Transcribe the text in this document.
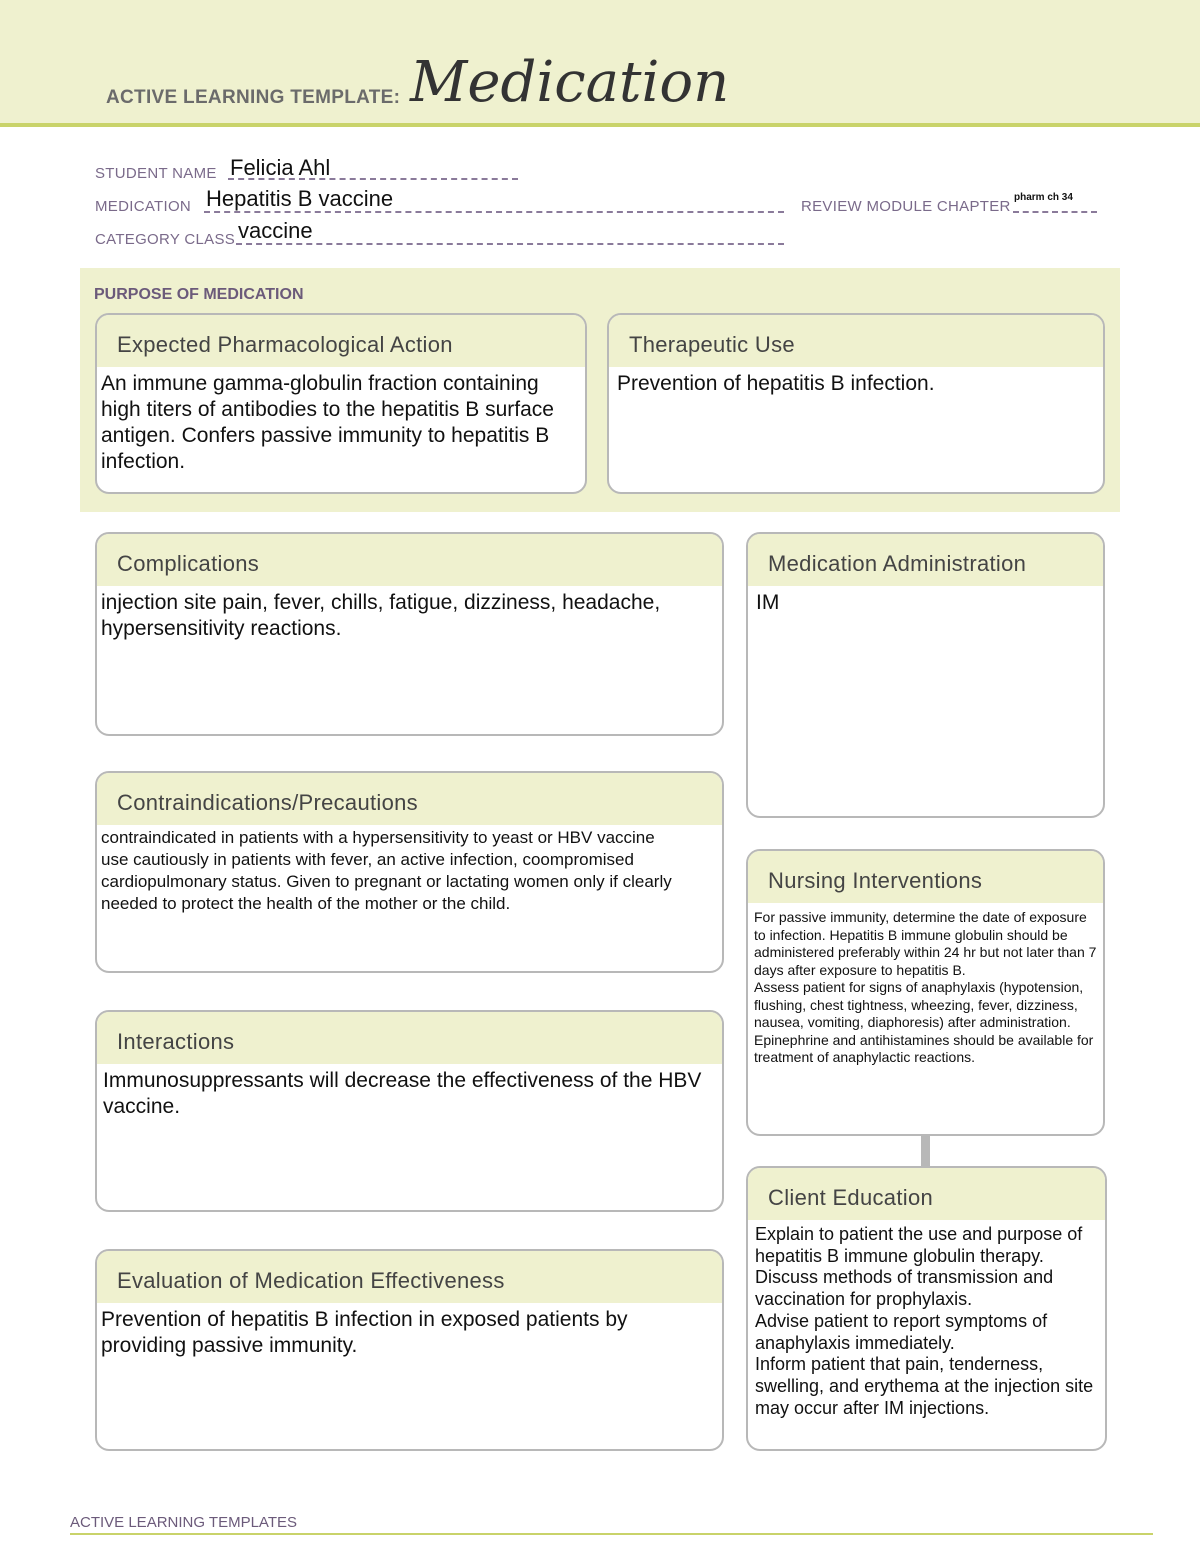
ACTIVE LEARNING TEMPLATE: Medication
STUDENT NAME Felicia Ahl
MEDICATION Hepatitis B vaccine	REVIEW MODULE CHAPTER
pharm ch 34
CATEGORY CLASS vaccine
PURPOSE OF MEDICATION
Expected Pharmacological Action
An immune gamma-globulin fraction containing high titers of antibodies to the hepatitis B surface antigen. Confers passive immunity to hepatitis B infection.
Therapeutic Use
Prevention of hepatitis B infection.
Complications
injection site pain, fever, chills, fatigue, dizziness, headache, hypersensitivity reactions.
Medication Administration
IM
Contraindications/Precautions
contraindicated in patients with a hypersensitivity to yeast or HBV vaccine
use cautiously in patients with fever, an active infection, coompromised cardiopulmonary status. Given to pregnant or lactating women only if clearly needed to protect the health of the mother or the child.
Nursing Interventions
For passive immunity, determine the date of exposure to infection. Hepatitis B immune globulin should be administered preferably within 24 hr but not later than 7 days after exposure to hepatitis B.
Assess patient for signs of anaphylaxis (hypotension, flushing, chest tightness, wheezing, fever, dizziness, nausea, vomiting, diaphoresis) after administration. Epinephrine and antihistamines should be available for treatment of anaphylactic reactions.
Interactions
Immunosuppressants will decrease the effectiveness of the HBV vaccine.
Client Education
Explain to patient the use and purpose of hepatitis B immune globulin therapy. Discuss methods of transmission and vaccination for prophylaxis.
Advise patient to report symptoms of anaphylaxis immediately.
Inform patient that pain, tenderness, swelling, and erythema at the injection site may occur after IM injections.
Evaluation of Medication Effectiveness
Prevention of hepatitis B infection in exposed patients by providing passive immunity.
ACTIVE LEARNING TEMPLATES
